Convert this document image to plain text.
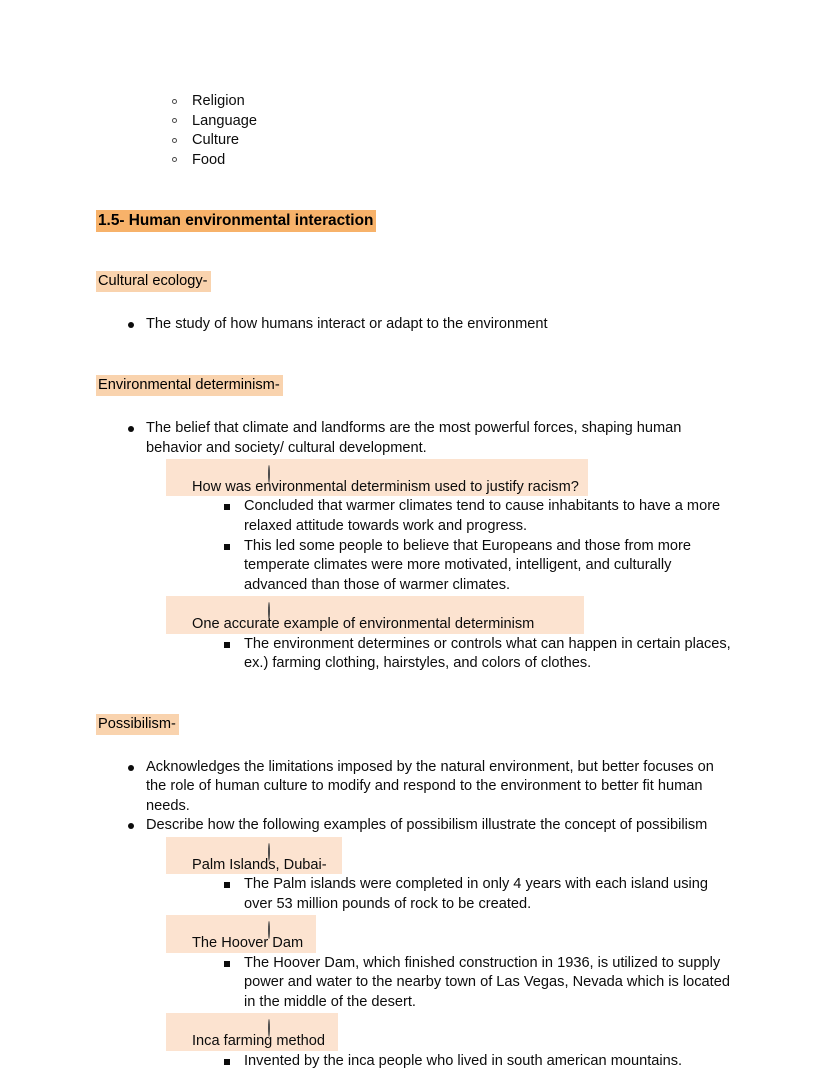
Religion
Language
Culture
Food
1.5- Human environmental interaction
Cultural ecology-
The study of how humans interact or adapt to the environment
Environmental determinism-
The belief that climate and landforms are the most powerful forces, shaping human behavior and society/ cultural development.
How was environmental determinism used to justify racism?
Concluded that warmer climates tend to cause inhabitants to have a more relaxed attitude towards work and progress.
This led some people to believe that Europeans and those from more temperate climates were more motivated, intelligent, and culturally advanced than those of warmer climates.
One accurate example of environmental determinism
The environment determines or controls what can happen in certain places, ex.) farming clothing, hairstyles, and colors of clothes.
Possibilism-
Acknowledges the limitations imposed by the natural environment, but better focuses on the role of human culture to modify and respond to the environment to better fit human needs.
Describe how the following examples of possibilism illustrate the concept of possibilism
Palm Islands, Dubai-
The Palm islands were completed in only 4 years with each island using over 53 million pounds of rock to be created.
The Hoover Dam
The Hoover Dam, which finished construction in 1936, is utilized to supply power and water to the nearby town of Las Vegas, Nevada which is located in the middle of the desert.
Inca farming method
Invented by the inca people who lived in south american mountains.
